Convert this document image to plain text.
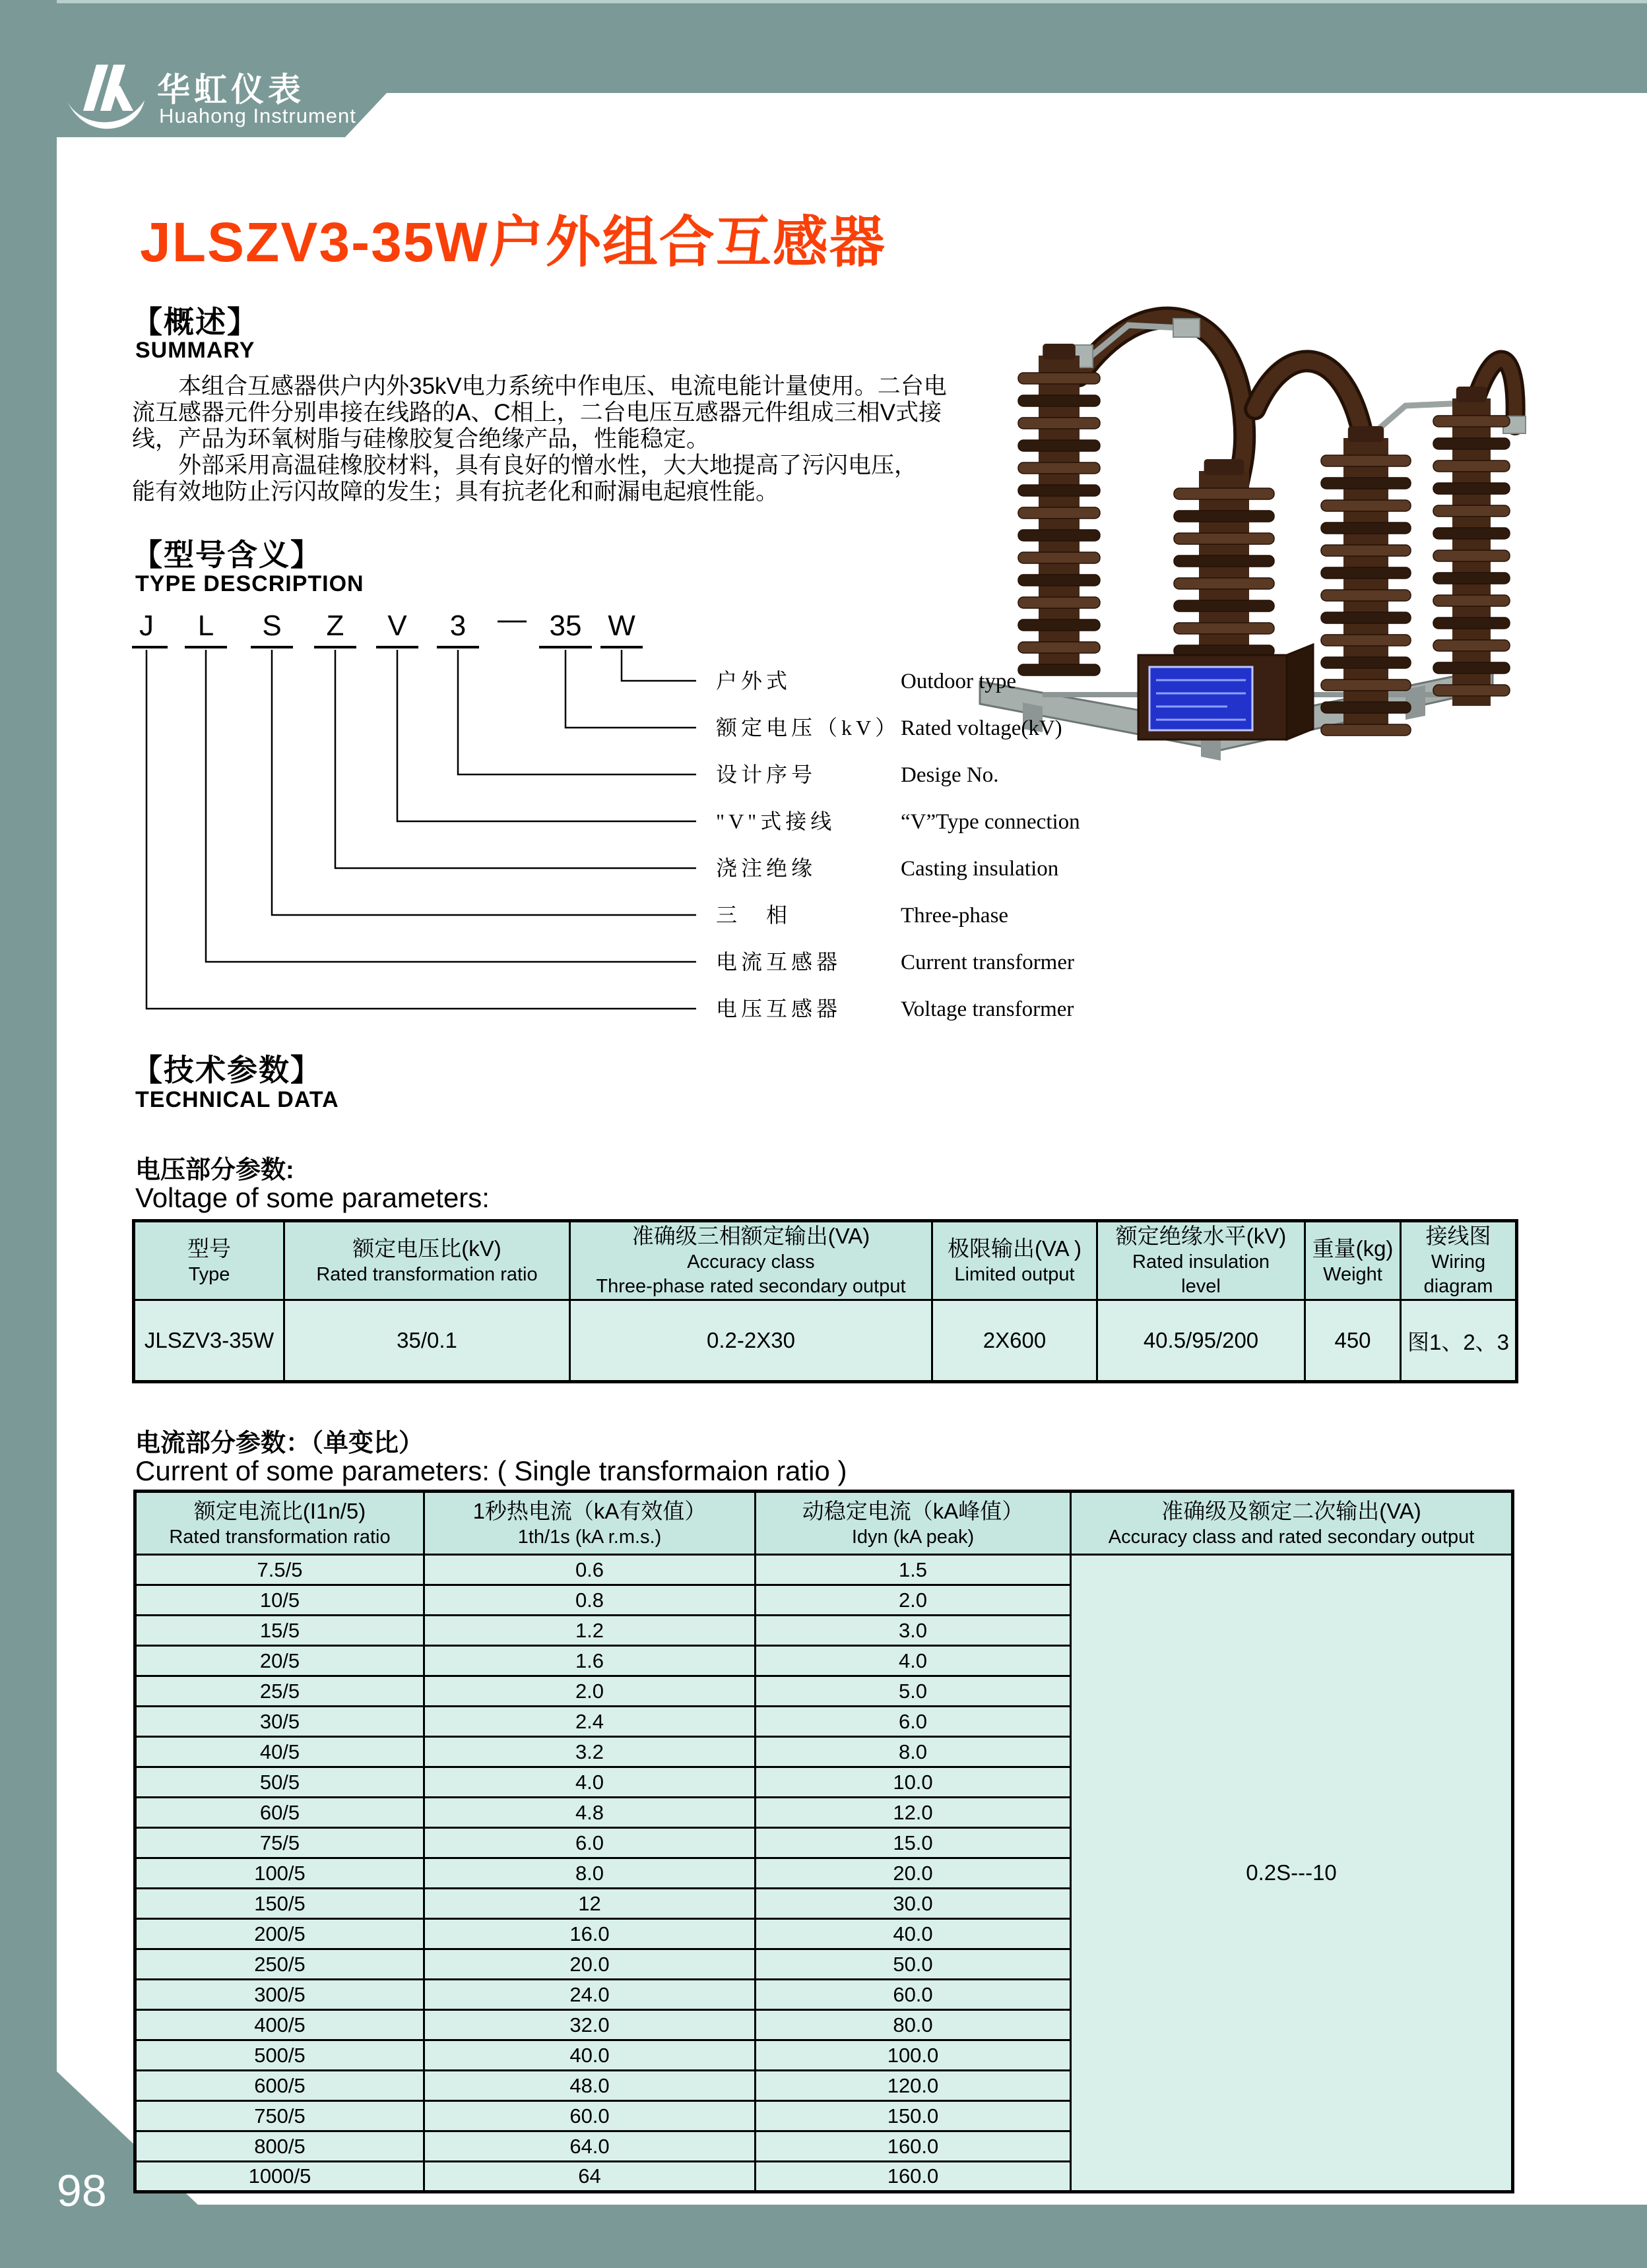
华虹仪表
Huahong Instrument
JLSZV3-35W户外组合互感器
【概述】
SUMMARY
　　本组合互感器供户内外35kV电力系统中作电压、电流电能计量使用。二台电
流互感器元件分别串接在线路的A、C相上，二台电压互感器元件组成三相V式接
线，产品为环氧树脂与硅橡胶复合绝缘产品，性能稳定。
　　外部采用高温硅橡胶材料，具有良好的憎水性，大大地提高了污闪电压，
能有效地防止污闪故障的发生；具有抗老化和耐漏电起痕性能。
【型号含义】
TYPE DESCRIPTION
J L S Z V 3 — 35 W
户外式
额定电压（kV）
设计序号
"V"式接线
浇注绝缘
三　相
电流互感器
电压互感器
Outdoor type
Rated voltage(kV)
Desige No.
“V”Type connection
Casting insulation
Three-phase
Current transformer
Voltage transformer
【技术参数】
TECHNICAL DATA
电压部分参数:
Voltage of some parameters:
型号
Type

额定电压比(kV)
Rated transformation ratio

准确级三相额定输出(VA)
Accuracy class
Three-phase rated secondary output

极限输出(VA )
Limited output

额定绝缘水平(kV)
Rated insulation
level

重量(kg)
Weight

接线图
Wiring
diagram

JLSZV3-35W	35/0.1	0.2-2X30	2X600	40.5/95/200	450	图1、2、3
电流部分参数：（单变比）
Current of some parameters: ( Single transformaion ratio )
额定电流比(I1n/5)
Rated transformation ratio

1秒热电流（kA有效值）
1th/1s (kA r.m.s.)

动稳定电流（kA峰值）
Idyn (kA peak)

准确级及额定二次输出(VA)
Accuracy class and rated secondary output

7.5/5	0.6	1.5	0.2S---10
10/5	0.8	2.0	
15/5	1.2	3.0	
20/5	1.6	4.0	
25/5	2.0	5.0	
30/5	2.4	6.0	
40/5	3.2	8.0	
50/5	4.0	10.0	
60/5	4.8	12.0	
75/5	6.0	15.0	
100/5	8.0	20.0	
150/5	12	30.0	
200/5	16.0	40.0	
250/5	20.0	50.0	
300/5	24.0	60.0	
400/5	32.0	80.0	
500/5	40.0	100.0	
600/5	48.0	120.0	
750/5	60.0	150.0	
800/5	64.0	160.0	
1000/5	64	160.0	
98
